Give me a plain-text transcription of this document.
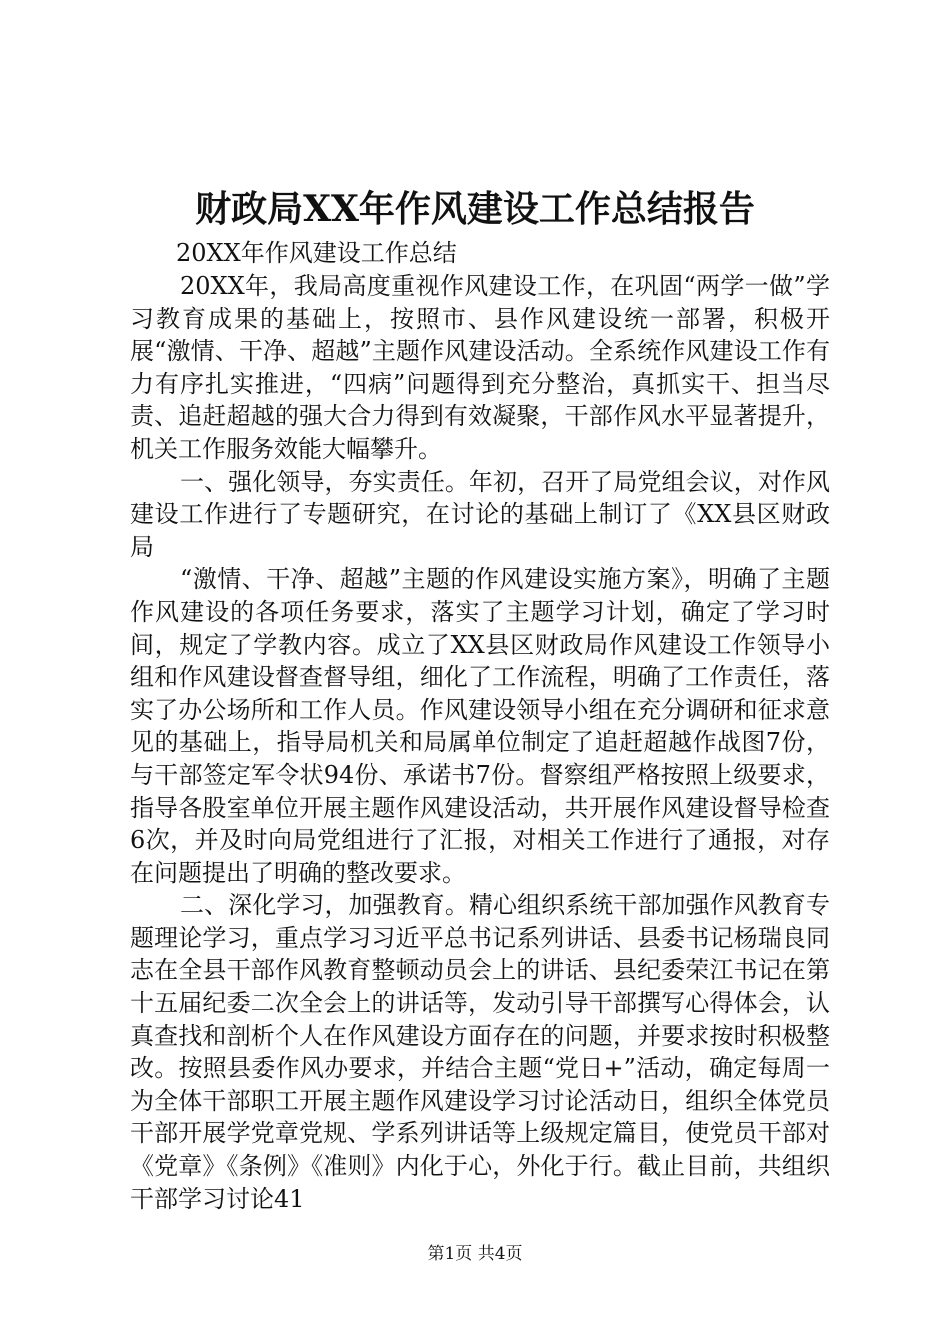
财政局XX年作风建设工作总结报告
20XX年作风建设工作总结

20XX年，我局高度重视作风建设工作，在巩固“两学一做”学习教育成果的基础上，按照市、县作风建设统一部署，积极开展“激情、干净、超越”主题作风建设活动。全系统作风建设工作有力有序扎实推进，“四病”问题得到充分整治，真抓实干、担当尽责、追赶超越的强大合力得到有效凝聚，干部作风水平显著提升，机关工作服务效能大幅攀升。

一、强化领导，夯实责任。年初，召开了局党组会议，对作风建设工作进行了专题研究，在讨论的基础上制订了《XX县区财政局

“激情、干净、超越”主题的作风建设实施方案》，明确了主题作风建设的各项任务要求，落实了主题学习计划，确定了学习时间，规定了学教内容。成立了XX县区财政局作风建设工作领导小组和作风建设督查督导组，细化了工作流程，明确了工作责任，落实了办公场所和工作人员。作风建设领导小组在充分调研和征求意见的基础上，指导局机关和局属单位制定了追赶超越作战图7份，与干部签定军令状94份、承诺书7份。督察组严格按照上级要求，指导各股室单位开展主题作风建设活动，共开展作风建设督导检查6次，并及时向局党组进行了汇报，对相关工作进行了通报，对存在问题提出了明确的整改要求。

二、深化学习，加强教育。精心组织系统干部加强作风教育专题理论学习，重点学习习近平总书记系列讲话、县委书记杨瑞良同志在全县干部作风教育整顿动员会上的讲话、县纪委荣江书记在第十五届纪委二次全会上的讲话等，发动引导干部撰写心得体会，认真查找和剖析个人在作风建设方面存在的问题，并要求按时积极整改。按照县委作风办要求，并结合主题“党日+”活动，确定每周一为全体干部职工开展主题作风建设学习讨论活动日，组织全体党员干部开展学党章党规、学系列讲话等上级规定篇目，使党员干部对《党章》《条例》《准则》内化于心，外化于行。截止目前，共组织干部学习讨论41

第1页 共4页
